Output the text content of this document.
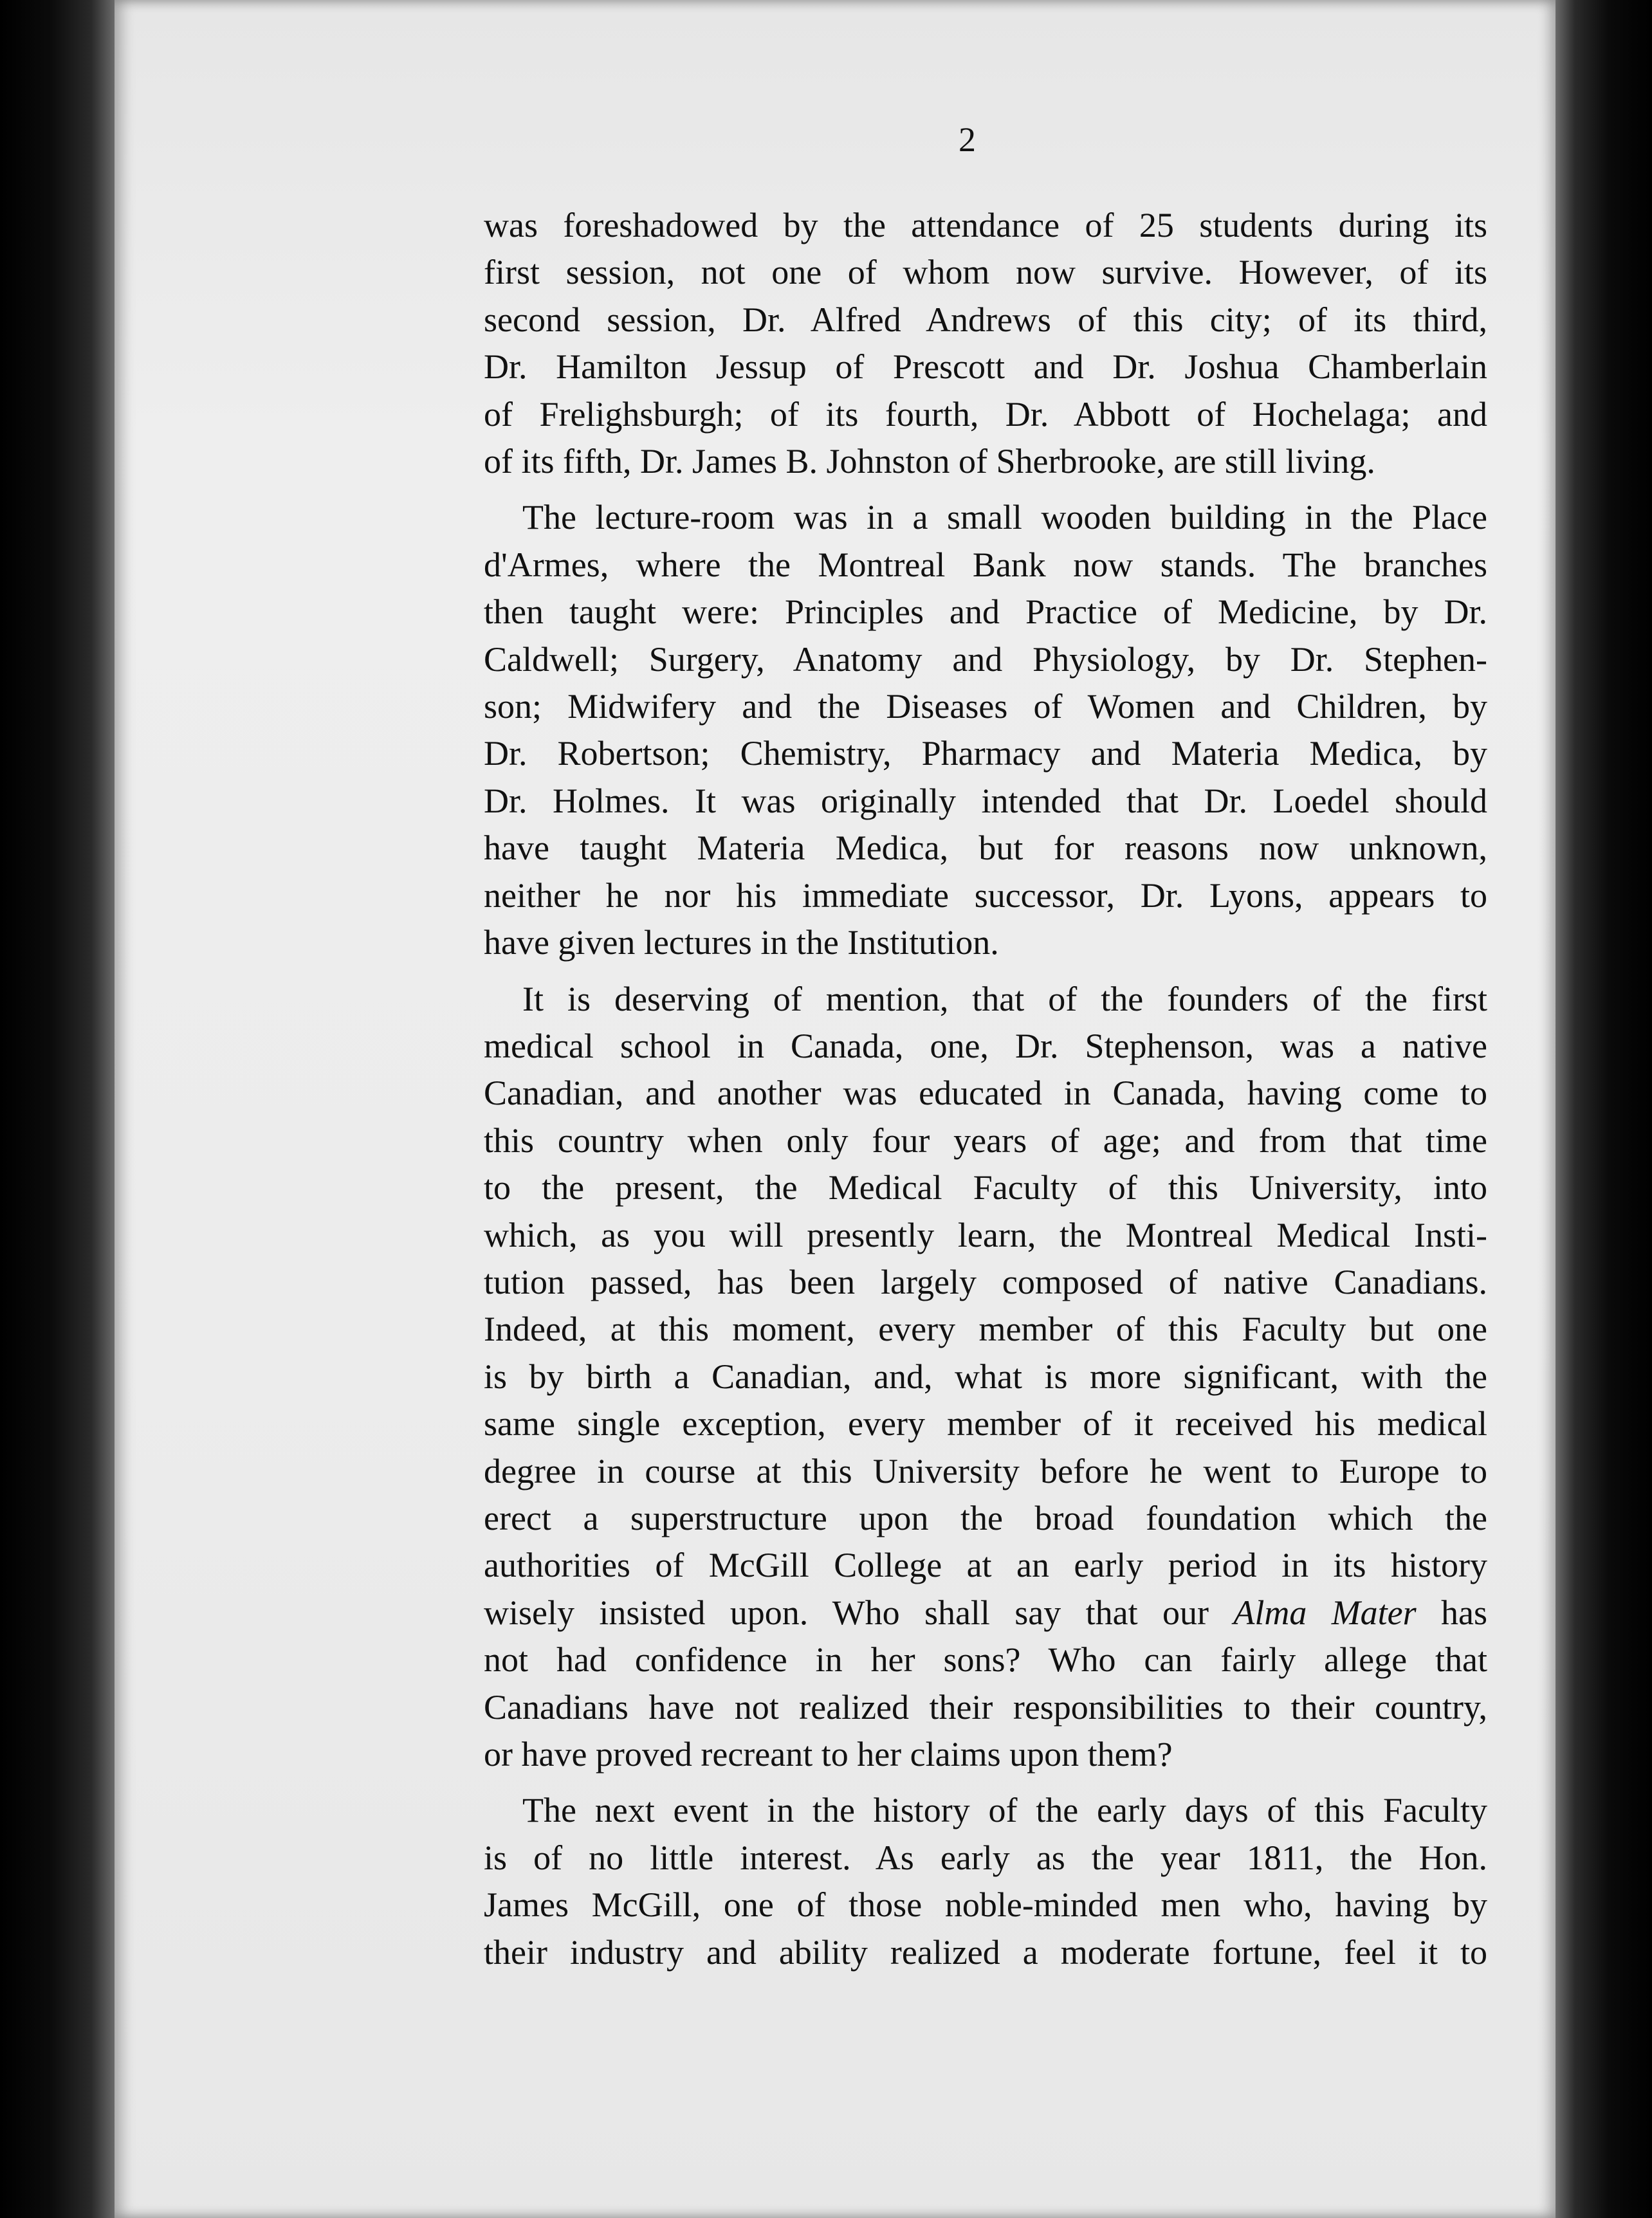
2
was foreshadowed by the attendance of 25 students during its
first session, not one of whom now survive. However, of its
second session, Dr. Alfred Andrews of this city; of its third,
Dr. Hamilton Jessup of Prescott and Dr. Joshua Chamberlain
of Frelighsburgh; of its fourth, Dr. Abbott of Hochelaga; and
of its fifth, Dr. James B. Johnston of Sherbrooke, are still living.
The lecture-room was in a small wooden building in the Place
d'Armes, where the Montreal Bank now stands. The branches
then taught were: Principles and Practice of Medicine, by Dr.
Caldwell; Surgery, Anatomy and Physiology, by Dr. Stephen-
son; Midwifery and the Diseases of Women and Children, by
Dr. Robertson; Chemistry, Pharmacy and Materia Medica, by
Dr. Holmes. It was originally intended that Dr. Loedel should
have taught Materia Medica, but for reasons now unknown,
neither he nor his immediate successor, Dr. Lyons, appears to
have given lectures in the Institution.
It is deserving of mention, that of the founders of the first
medical school in Canada, one, Dr. Stephenson, was a native
Canadian, and another was educated in Canada, having come to
this country when only four years of age; and from that time
to the present, the Medical Faculty of this University, into
which, as you will presently learn, the Montreal Medical Insti-
tution passed, has been largely composed of native Canadians.
Indeed, at this moment, every member of this Faculty but one
is by birth a Canadian, and, what is more significant, with the
same single exception, every member of it received his medical
degree in course at this University before he went to Europe to
erect a superstructure upon the broad foundation which the
authorities of McGill College at an early period in its history
wisely insisted upon. Who shall say that our Alma Mater has
not had confidence in her sons? Who can fairly allege that
Canadians have not realized their responsibilities to their country,
or have proved recreant to her claims upon them?
The next event in the history of the early days of this Faculty
is of no little interest. As early as the year 1811, the Hon.
James McGill, one of those noble-minded men who, having by
their industry and ability realized a moderate fortune, feel it to
